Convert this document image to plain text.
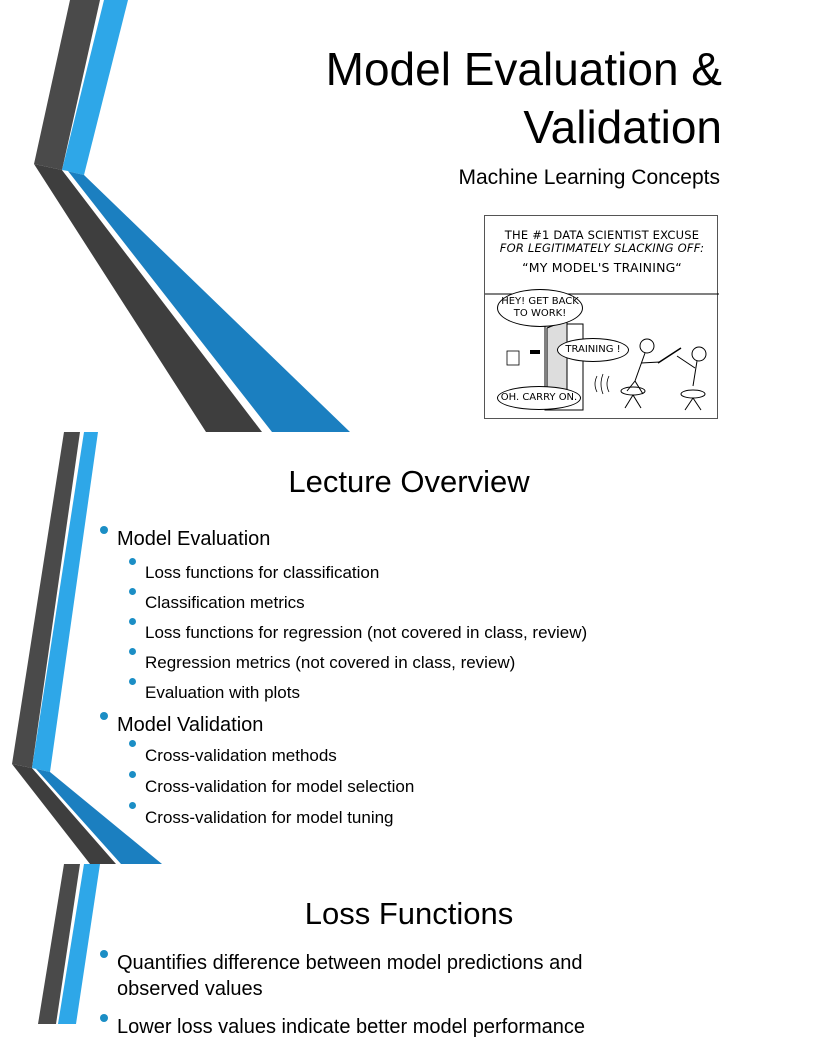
Model Evaluation &
Validation
Machine Learning Concepts
THE #1 DATA SCIENTIST EXCUSE
FOR LEGITIMATELY SLACKING OFF:
“MY MODEL'S TRAINING“
HEY! GET BACK
TO WORK!
TRAINING !
OH. CARRY ON.
Lecture Overview
Model Evaluation
Loss functions for classification
Classification metrics
Loss functions for regression (not covered in class, review)
Regression metrics (not covered in class, review)
Evaluation with plots
Model Validation
Cross-validation methods
Cross-validation for model selection
Cross-validation for model tuning
Loss Functions
Quantifies difference between model predictions and observed values
Lower loss values indicate better model performance
